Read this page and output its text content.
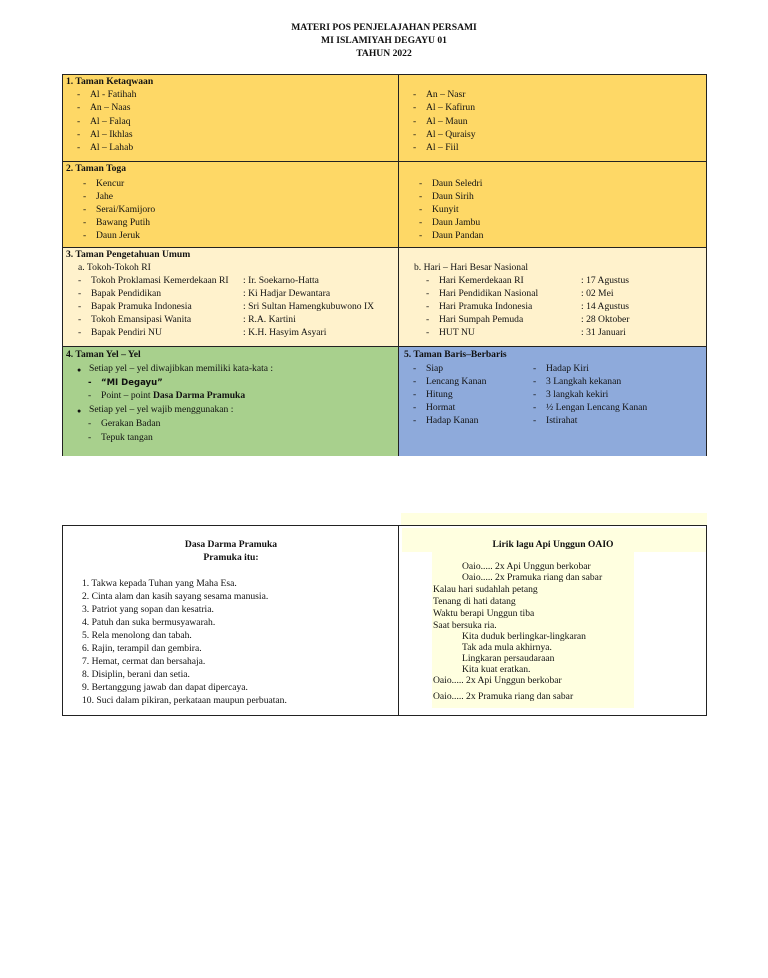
MATERI POS PENJELAJAHAN PERSAMI
MI ISLAMIYAH DEGAYU 01
TAHUN 2022
1. Taman Ketaqwaan
- Al - Fatihah
- An – Naas
- Al – Falaq
- Al – Ikhlas
- Al – Lahab
- An – Nasr
- Al – Kafirun
- Al – Maun
- Al – Quraisy
- Al – Fiil
2. Taman Toga
- Kencur
- Jahe
- Serai/Kamijoro
- Bawang Putih
- Daun Jeruk
- Daun Seledri
- Daun Sirih
- Kunyit
- Daun Jambu
- Daun Pandan
3. Taman Pengetahuan Umum
a. Tokoh-Tokoh RI
- Tokoh Proklamasi Kemerdekaan RI : Ir. Soekarno-Hatta
- Bapak Pendidikan	: Ki Hadjar Dewantara
- Bapak Pramuka Indonesia	: Sri Sultan Hamengkubuwono IX
- Tokoh Emansipasi Wanita	: R.A. Kartini
- Bapak Pendiri NU	: K.H. Hasyim Asyari
b. Hari – Hari Besar Nasional
- Hari Kemerdekaan RI	: 17 Agustus
- Hari Pendidikan Nasional	: 02 Mei
- Hari Pramuka Indonesia	: 14 Agustus
- Hari Sumpah Pemuda	: 28 Oktober
- HUT NU	: 31 Januari
4. Taman Yel – Yel
● Setiap yel – yel diwajibkan memiliki kata-kata :
- “MI Degayu”
- Point – point Dasa Darma Pramuka
● Setiap yel – yel wajib menggunakan :
- Gerakan Badan
- Tepuk tangan
5. Taman Baris–Berbaris
- Siap
- Lencang Kanan
- Hitung
- Hormat
- Hadap Kanan
- Hadap Kiri
- 3 Langkah kekanan
- 3 langkah kekiri
- ½ Lengan Lencang Kanan
- Istirahat
Dasa Darma Pramuka
Pramuka itu:
1. Takwa kepada Tuhan yang Maha Esa.
2. Cinta alam dan kasih sayang sesama manusia.
3. Patriot yang sopan dan kesatria.
4. Patuh dan suka bermusyawarah.
5. Rela menolong dan tabah.
6. Rajin, terampil dan gembira.
7. Hemat, cermat dan bersahaja.
8. Disiplin, berani dan setia.
9. Bertanggung jawab dan dapat dipercaya.
10. Suci dalam pikiran, perkataan maupun perbuatan.
Lirik lagu Api Unggun OAIO
Oaio..... 2x Api Unggun berkobar
Oaio..... 2x Pramuka riang dan sabar
Kalau hari sudahlah petang
Tenang di hati datang
Waktu berapi Unggun tiba
Saat bersuka ria.
Kita duduk berlingkar-lingkaran
Tak ada mula akhirnya.
Lingkaran persaudaraan
Kita kuat eratkan.
Oaio..... 2x Api Unggun berkobar
Oaio..... 2x Pramuka riang dan sabar
